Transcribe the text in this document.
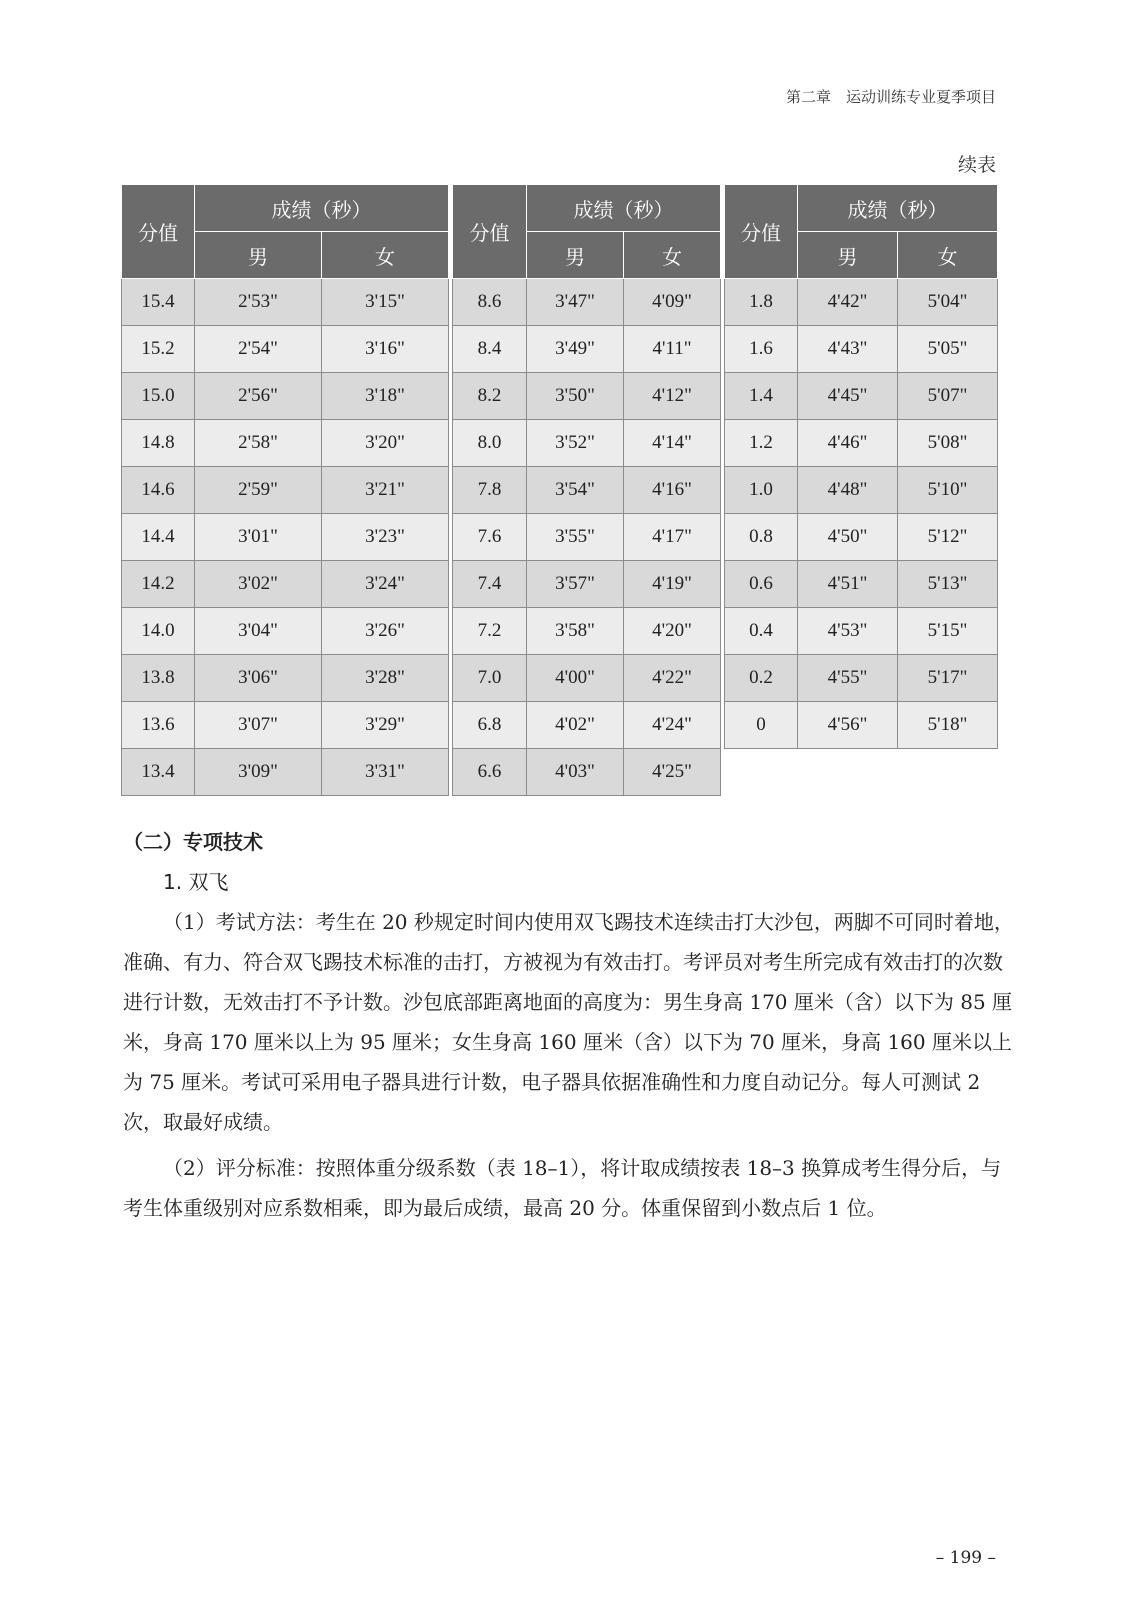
第二章　运动训练专业夏季项目
续表
分值	成绩（秒）	
	男	女
15.4	2'53"	3'15"
15.2	2'54"	3'16"
15.0	2'56"	3'18"
14.8	2'58"	3'20"
14.6	2'59"	3'21"
14.4	3'01"	3'23"
14.2	3'02"	3'24"
14.0	3'04"	3'26"
13.8	3'06"	3'28"
13.6	3'07"	3'29"
13.4	3'09"	3'31"
分值	成绩（秒）	
	男	女
8.6	3'47"	4'09"
8.4	3'49"	4'11"
8.2	3'50"	4'12"
8.0	3'52"	4'14"
7.8	3'54"	4'16"
7.6	3'55"	4'17"
7.4	3'57"	4'19"
7.2	3'58"	4'20"
7.0	4'00"	4'22"
6.8	4'02"	4'24"
6.6	4'03"	4'25"
分值	成绩（秒）	
	男	女
1.8	4'42"	5'04"
1.6	4'43"	5'05"
1.4	4'45"	5'07"
1.2	4'46"	5'08"
1.0	4'48"	5'10"
0.8	4'50"	5'12"
0.6	4'51"	5'13"
0.4	4'53"	5'15"
0.2	4'55"	5'17"
0	4'56"	5'18"
（二）专项技术
1. 双飞
（1）考试方法：考生在 20 秒规定时间内使用双飞踢技术连续击打大沙包，两脚不可同时着地，准确、有力、符合双飞踢技术标准的击打，方被视为有效击打。考评员对考生所完成有效击打的次数进行计数，无效击打不予计数。沙包底部距离地面的高度为：男生身高 170 厘米（含）以下为 85 厘米，身高 170 厘米以上为 95 厘米；女生身高 160 厘米（含）以下为 70 厘米，身高 160 厘米以上为 75 厘米。考试可采用电子器具进行计数，电子器具依据准确性和力度自动记分。每人可测试 2 次，取最好成绩。
（2）评分标准：按照体重分级系数（表 18–1），将计取成绩按表 18–3 换算成考生得分后，与考生体重级别对应系数相乘，即为最后成绩，最高 20 分。体重保留到小数点后 1 位。
– 199 –
